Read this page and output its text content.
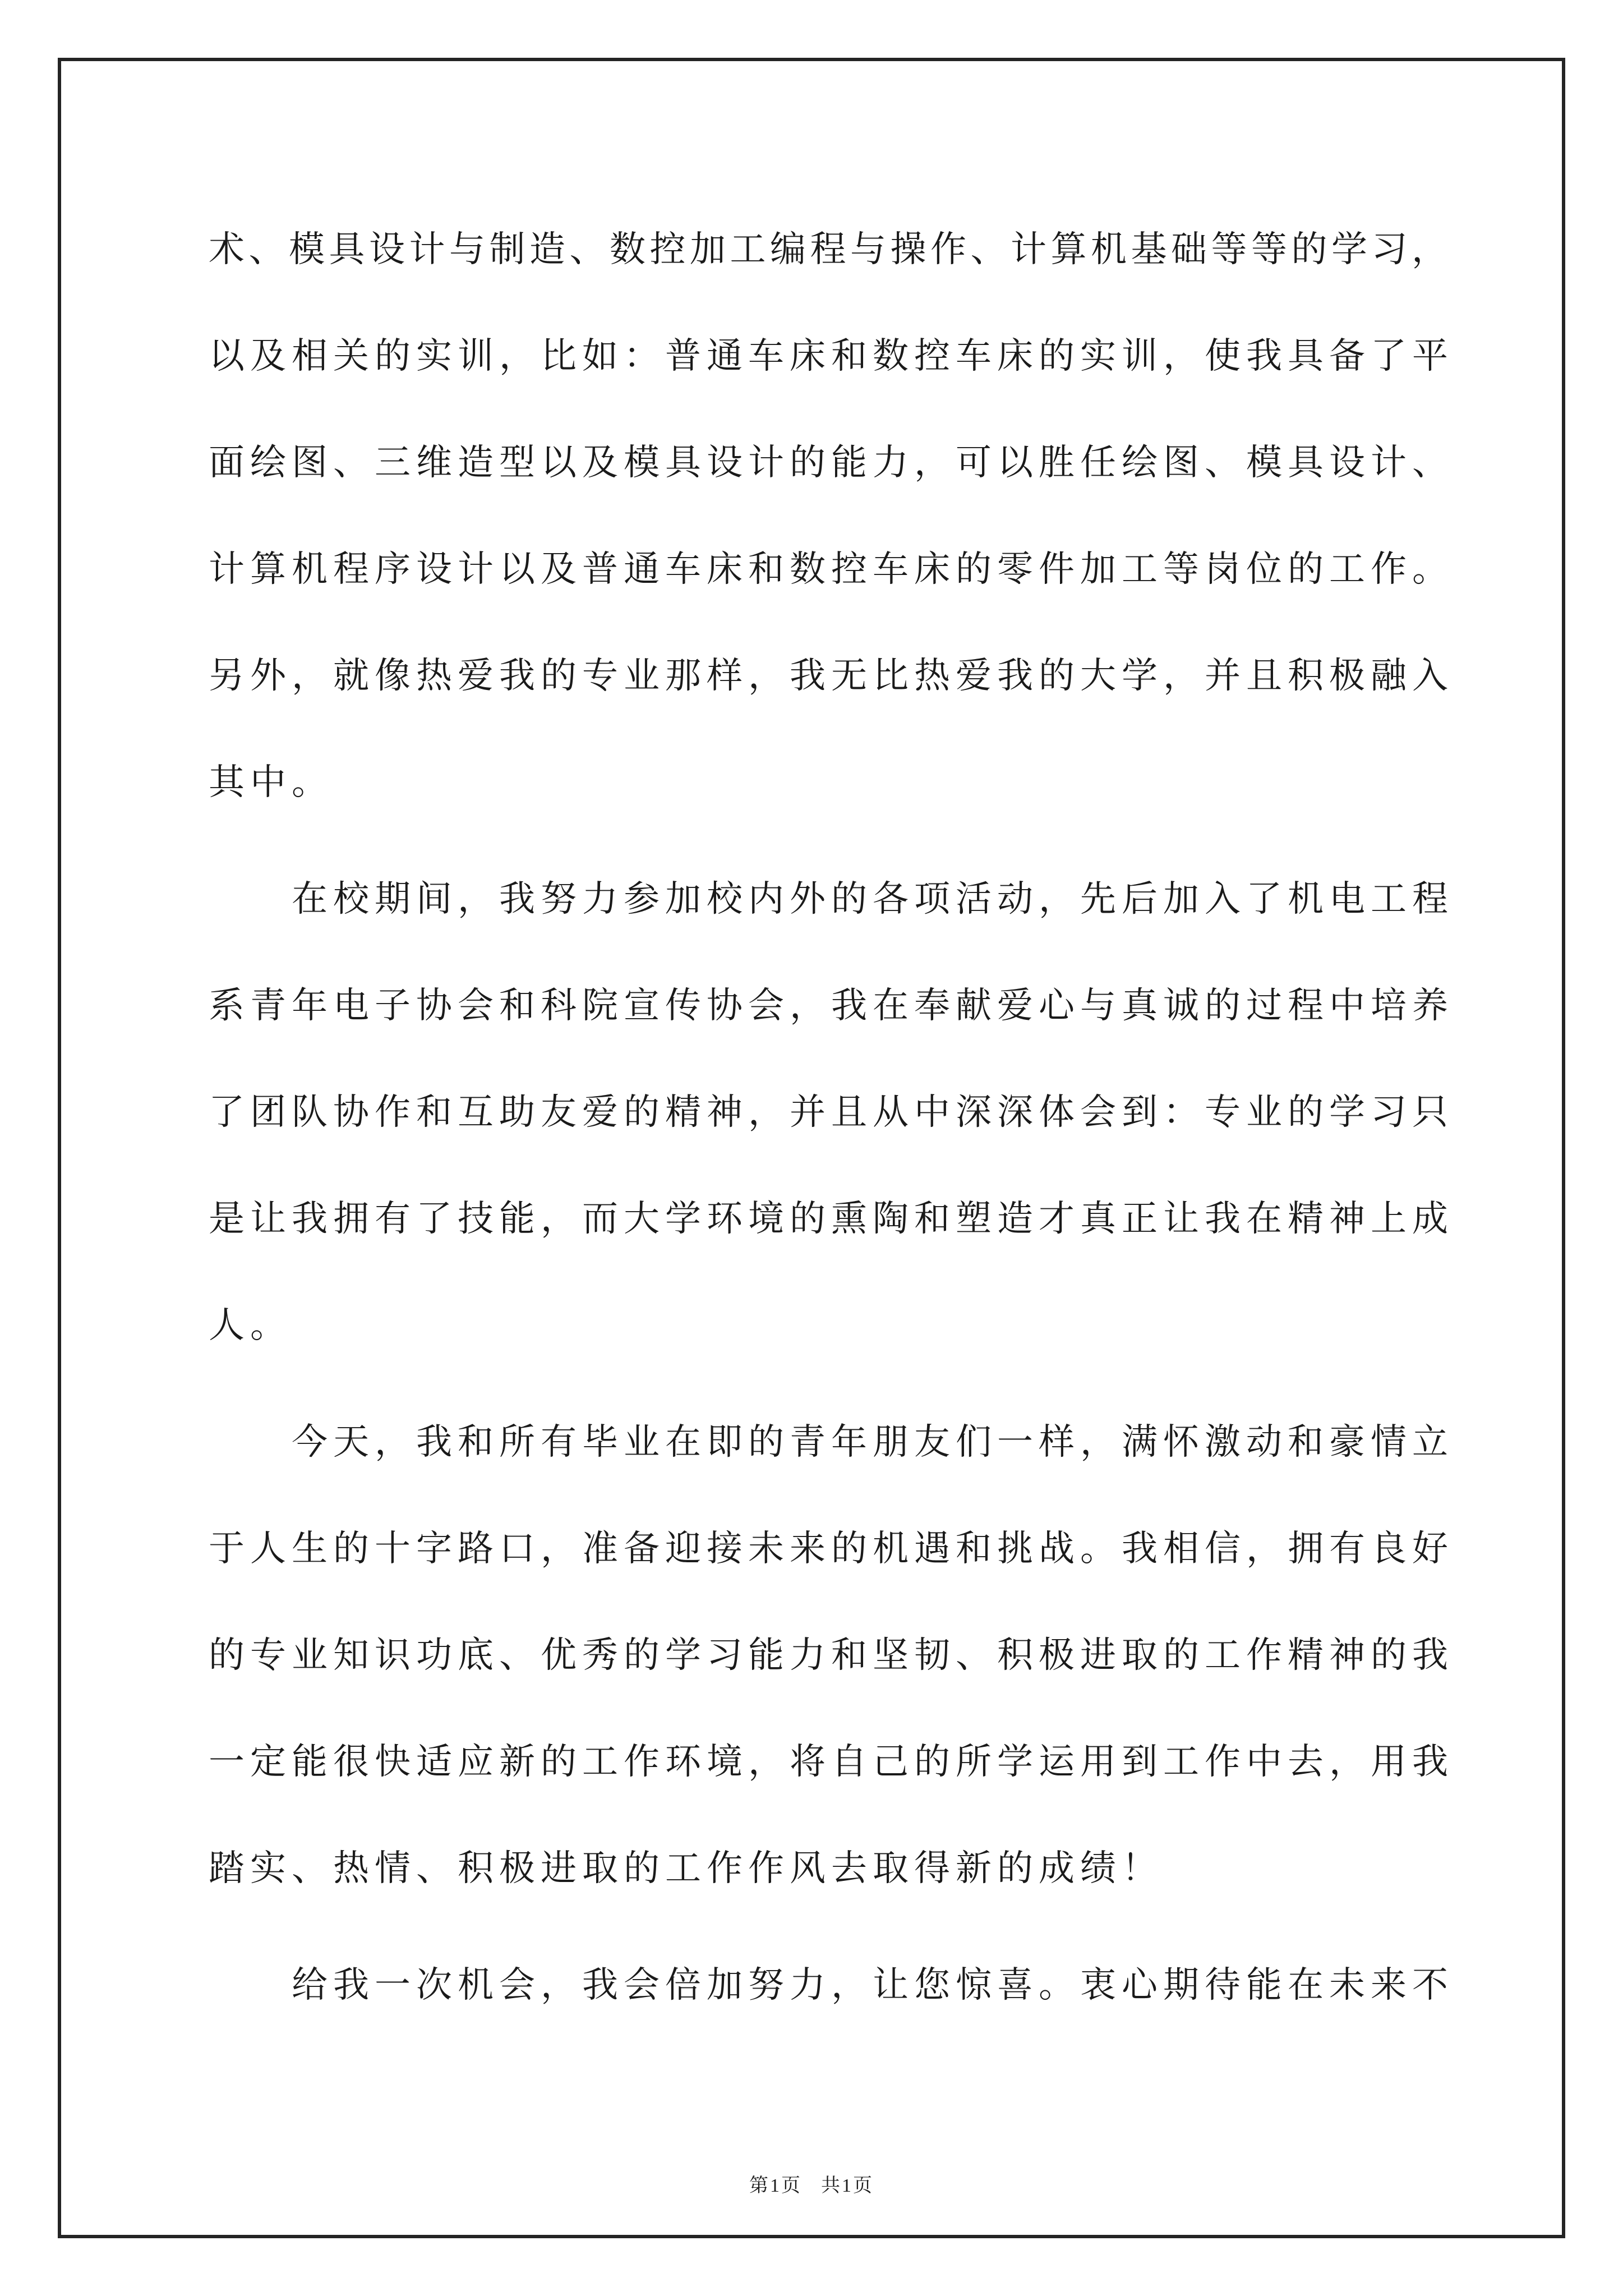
术、模具设计与制造、数控加工编程与操作、计算机基础等等的学习，
以及相关的实训，比如：普通车床和数控车床的实训，使我具备了平
面绘图、三维造型以及模具设计的能力，可以胜任绘图、模具设计、
计算机程序设计以及普通车床和数控车床的零件加工等岗位的工作。
另外，就像热爱我的专业那样，我无比热爱我的大学，并且积极融入
其中。
在校期间，我努力参加校内外的各项活动，先后加入了机电工程
系青年电子协会和科院宣传协会，我在奉献爱心与真诚的过程中培养
了团队协作和互助友爱的精神，并且从中深深体会到：专业的学习只
是让我拥有了技能，而大学环境的熏陶和塑造才真正让我在精神上成
人。
今天，我和所有毕业在即的青年朋友们一样，满怀激动和豪情立
于人生的十字路口，准备迎接未来的机遇和挑战。我相信，拥有良好
的专业知识功底、优秀的学习能力和坚韧、积极进取的工作精神的我
一定能很快适应新的工作环境，将自己的所学运用到工作中去，用我
踏实、热情、积极进取的工作作风去取得新的成绩！
给我一次机会，我会倍加努力，让您惊喜。衷心期待能在未来不
第1页 共1页
